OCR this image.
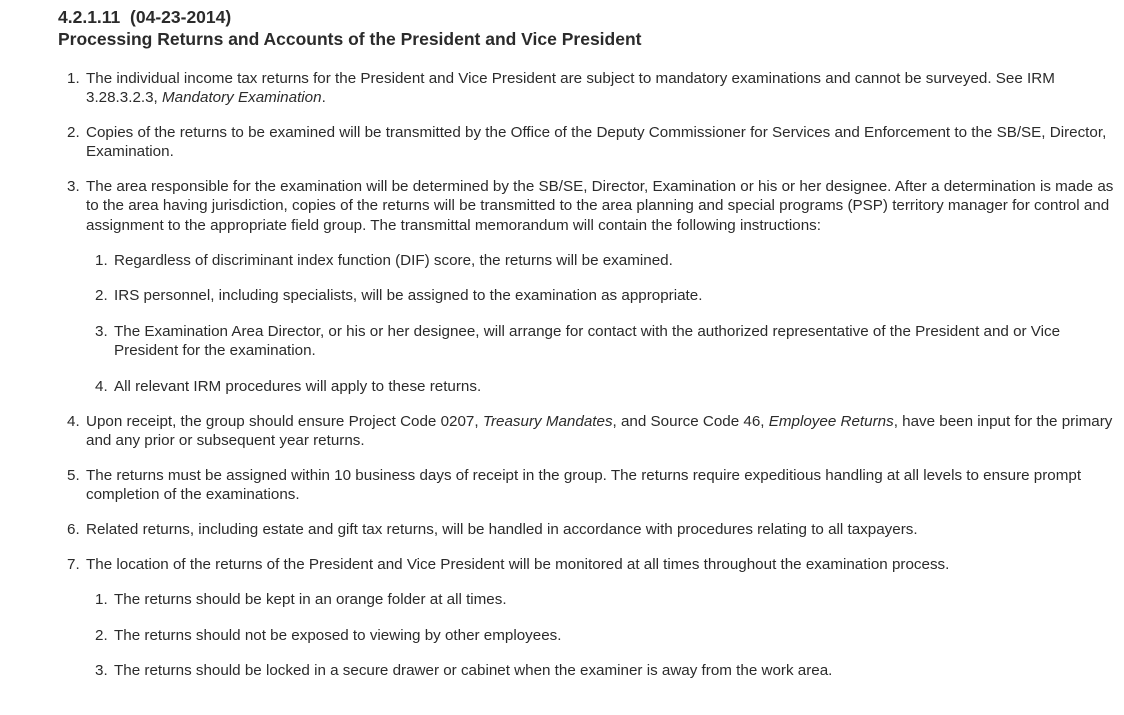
4.2.1.11 (04-23-2014)
Processing Returns and Accounts of the President and Vice President
1. The individual income tax returns for the President and Vice President are subject to mandatory examinations and cannot be surveyed. See IRM 3.28.3.2.3, Mandatory Examination.
2. Copies of the returns to be examined will be transmitted by the Office of the Deputy Commissioner for Services and Enforcement to the SB/SE, Director, Examination.
3. The area responsible for the examination will be determined by the SB/SE, Director, Examination or his or her designee. After a determination is made as to the area having jurisdiction, copies of the returns will be transmitted to the area planning and special programs (PSP) territory manager for control and assignment to the appropriate field group. The transmittal memorandum will contain the following instructions:
1. Regardless of discriminant index function (DIF) score, the returns will be examined.
2. IRS personnel, including specialists, will be assigned to the examination as appropriate.
3. The Examination Area Director, or his or her designee, will arrange for contact with the authorized representative of the President and or Vice President for the examination.
4. All relevant IRM procedures will apply to these returns.
4. Upon receipt, the group should ensure Project Code 0207, Treasury Mandates, and Source Code 46, Employee Returns, have been input for the primary and any prior or subsequent year returns.
5. The returns must be assigned within 10 business days of receipt in the group. The returns require expeditious handling at all levels to ensure prompt completion of the examinations.
6. Related returns, including estate and gift tax returns, will be handled in accordance with procedures relating to all taxpayers.
7. The location of the returns of the President and Vice President will be monitored at all times throughout the examination process.
1. The returns should be kept in an orange folder at all times.
2. The returns should not be exposed to viewing by other employees.
3. The returns should be locked in a secure drawer or cabinet when the examiner is away from the work area.
